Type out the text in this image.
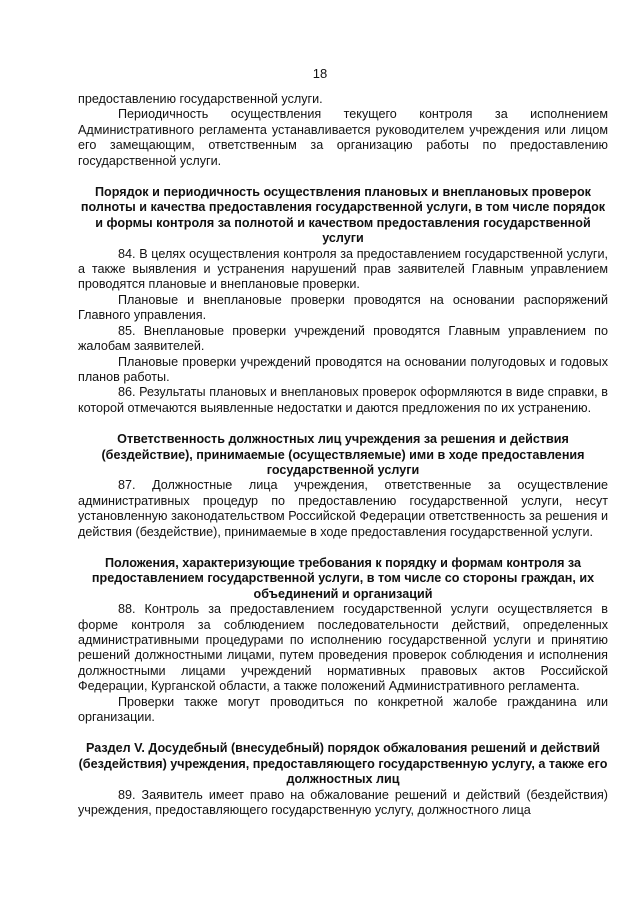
18

предоставлению государственной услуги.

Периодичность осуществления текущего контроля за исполнением Административного регламента устанавливается руководителем учреждения или лицом его замещающим, ответственным за организацию работы по предоставлению государственной услуги.

Порядок и периодичность осуществления плановых и внеплановых проверок полноты и качества предоставления государственной услуги, в том числе порядок и формы контроля за полнотой и качеством предоставления государственной услуги

84. В целях осуществления контроля за предоставлением государственной услуги, а также выявления и устранения нарушений прав заявителей Главным управлением проводятся плановые и внеплановые проверки.

Плановые и внеплановые проверки проводятся на основании распоряжений Главного управления.

85. Внеплановые проверки учреждений проводятся Главным управлением по жалобам заявителей.

Плановые проверки учреждений проводятся на основании полугодовых и годовых планов работы.

86. Результаты плановых и внеплановых проверок оформляются в виде справки, в которой отмечаются выявленные недостатки и даются предложения по их устранению.

Ответственность должностных лиц учреждения за решения и действия (бездействие), принимаемые (осуществляемые) ими в ходе предоставления государственной услуги

87. Должностные лица учреждения, ответственные за осуществление административных процедур по предоставлению государственной услуги, несут установленную законодательством Российской Федерации ответственность за решения и действия (бездействие), принимаемые в ходе предоставления государственной услуги.

Положения, характеризующие требования к порядку и формам контроля за предоставлением государственной услуги, в том числе со стороны граждан, их объединений и организаций

88. Контроль за предоставлением государственной услуги осуществляется в форме контроля за соблюдением последовательности действий, определенных административными процедурами по исполнению государственной услуги и принятию решений должностными лицами, путем проведения проверок соблюдения и исполнения должностными лицами учреждений нормативных правовых актов Российской Федерации, Курганской области, а также положений Административного регламента.

Проверки также могут проводиться по конкретной жалобе гражданина или организации.

Раздел V. Досудебный (внесудебный) порядок обжалования решений и действий (бездействия) учреждения, предоставляющего государственную услугу, а также его должностных лиц

89. Заявитель имеет право на обжалование решений и действий (бездействия) учреждения, предоставляющего государственную услугу, должностного лица
